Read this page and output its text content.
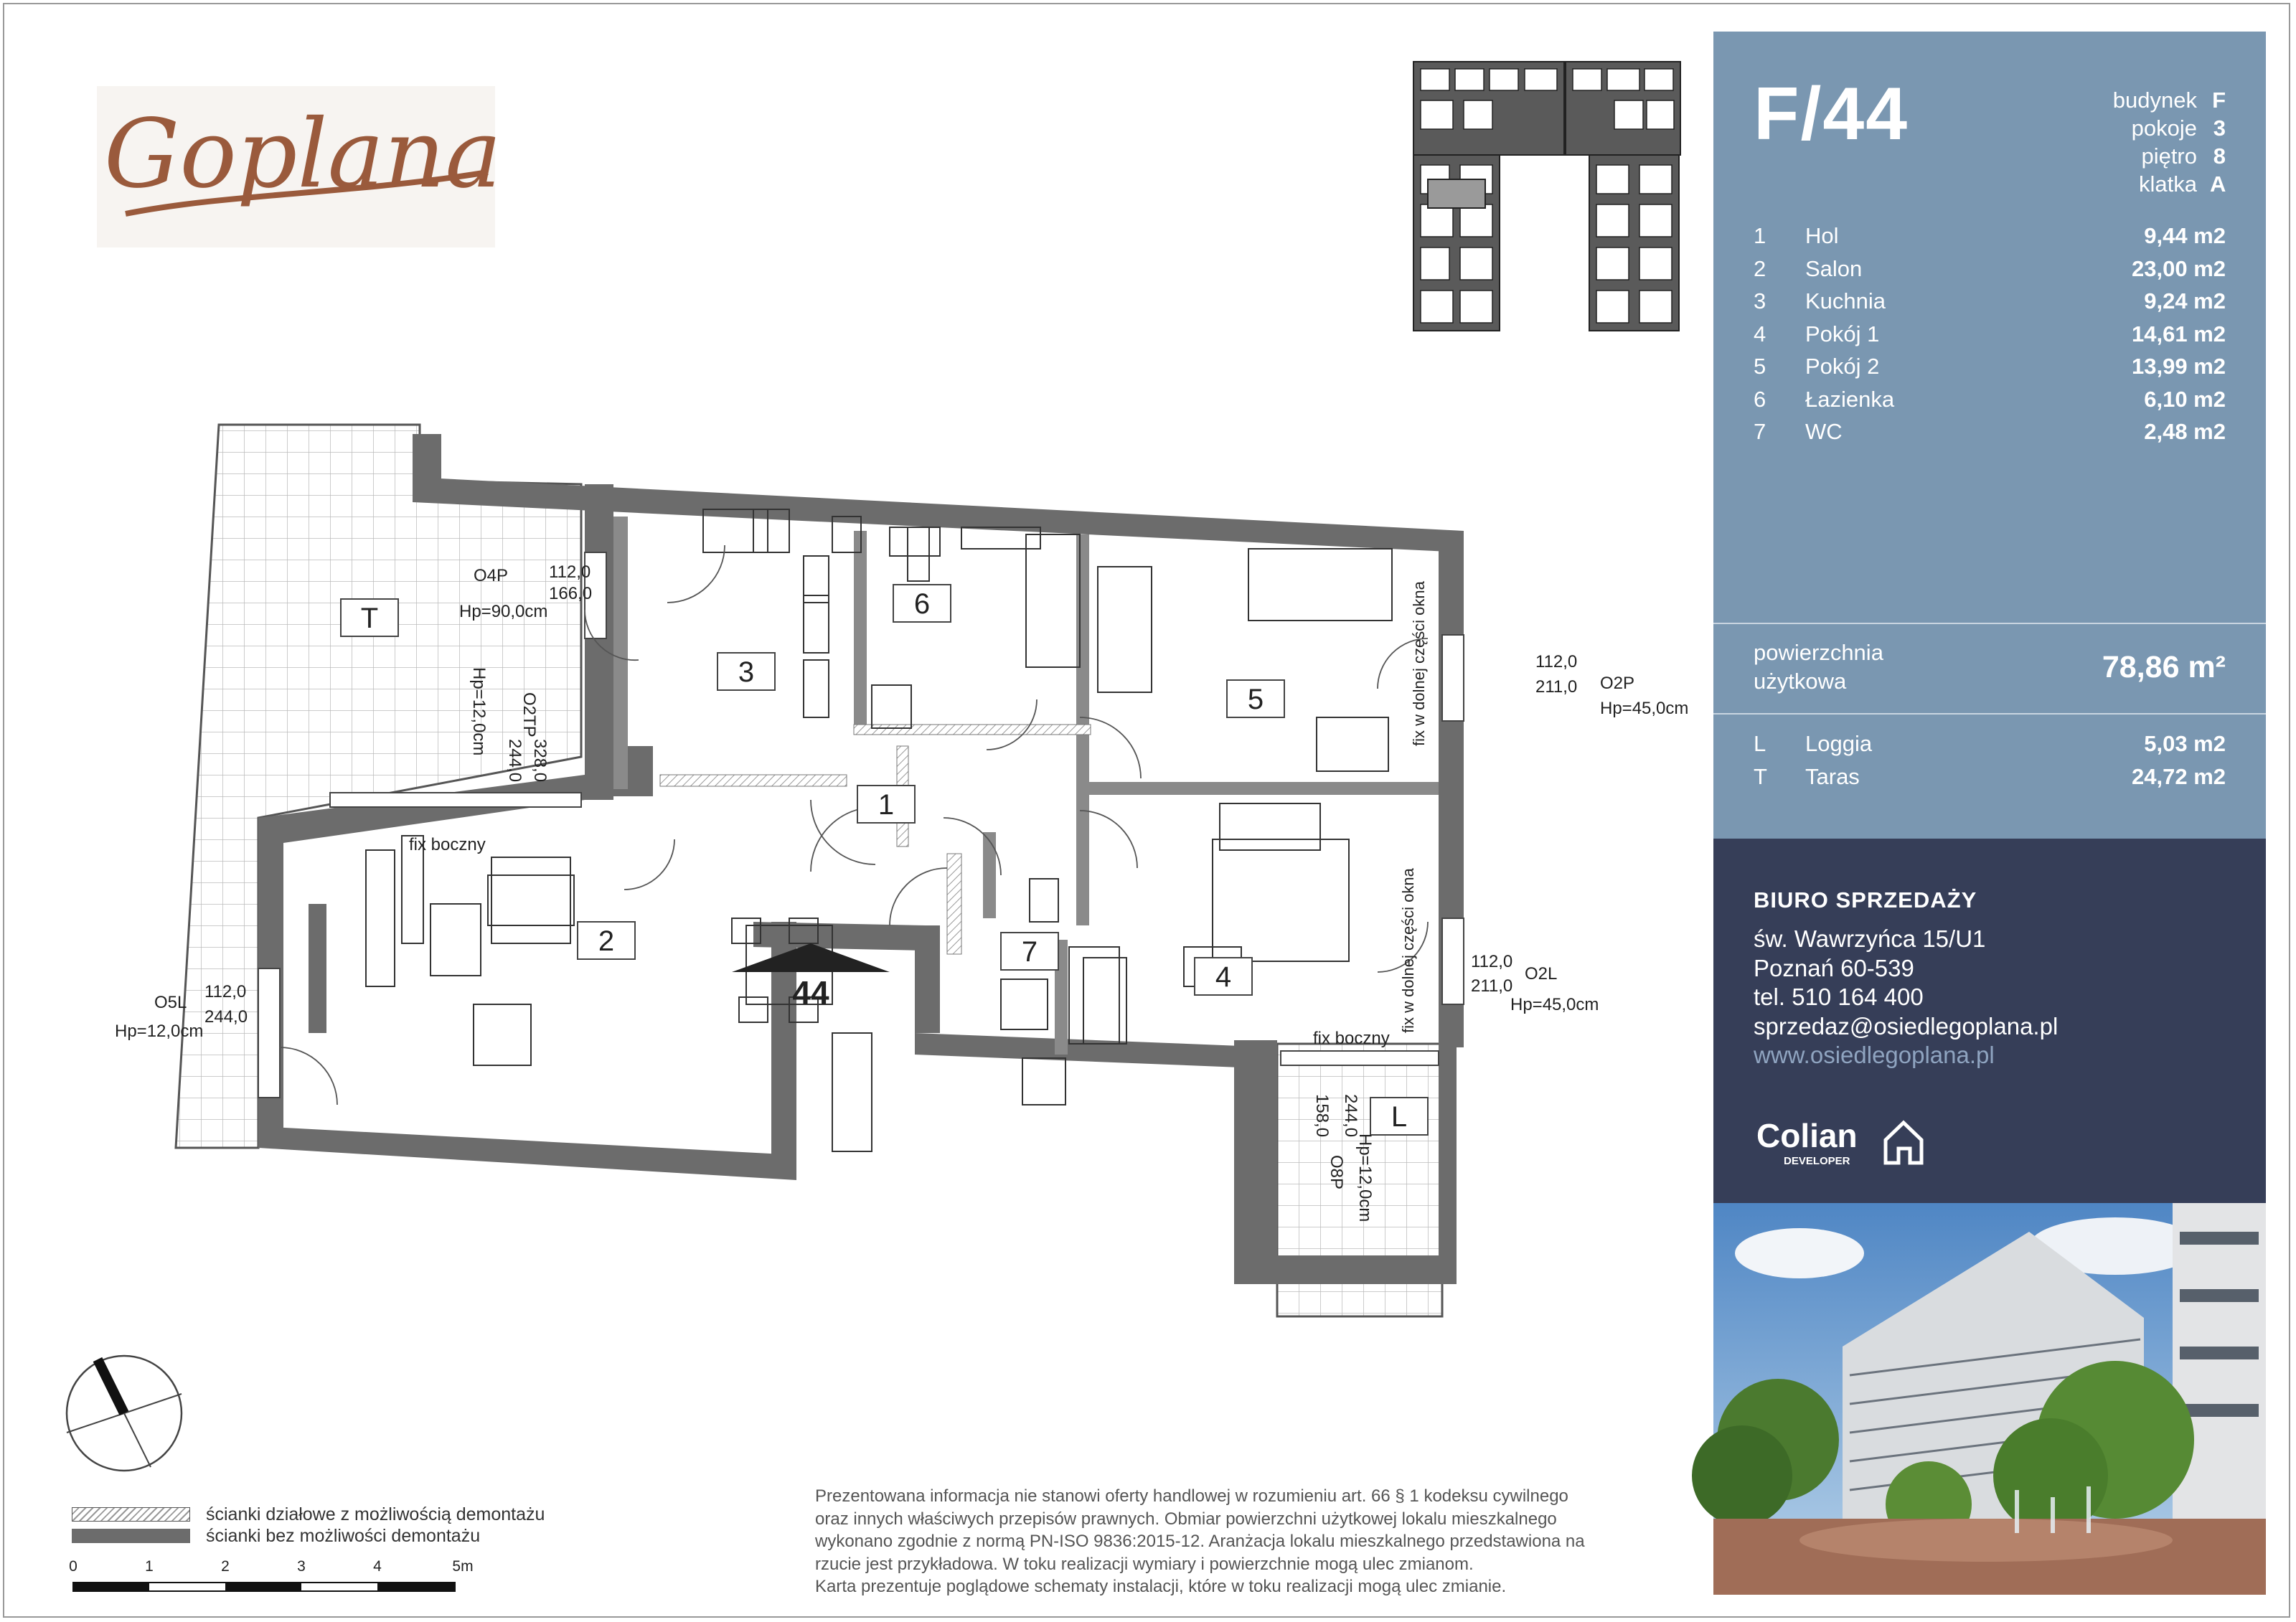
Goplana
3
6
5
1
2	7
4
T
L
44
O4P 112,0
166,0
Hp=90,0cm
O2TP
Hp=12,0cm
328,0
244,0
O5L
112,0
244,0
Hp=12,0cm
112,0
211,0 O2P
Hp=45,0cm
112,0
211,0
O2L
Hp=45,0cm
158,0 244,0
O8P Hp=12,0cm
fix boczny
fix boczny
fix w dolnej części okna
fix w dolnej części okna
F/44	budynek F
pokoje 3
piętro 8
klatka A
1	Hol	9,44 m2
2	Salon	23,00 m2
3	Kuchnia	9,24 m2
4	Pokój 1	14,61 m2
5	Pokój 2	13,99 m2
6	Łazienka	6,10 m2
7	WC	2,48 m2
powierzchnia
użytkowa	78,86 m²
L	Loggia	5,03 m2
T	Taras	24,72 m2
BIURO SPRZEDAŻY
św. Wawrzyńca 15/U1
Poznań 60-539
tel. 510 164 400
sprzedaz@osiedlegoplana.pl
www.osiedlegoplana.pl
Colian
DEVELOPER
ścianki działowe z możliwością demontażu
ścianki bez możliwości demontażu
0	1	2	3	4	5m
Prezentowana informacja nie stanowi oferty handlowej w rozumieniu art. 66 § 1 kodeksu cywilnego
oraz innych właściwych przepisów prawnych. Obmiar powierzchni użytkowej lokalu mieszkalnego
wykonano zgodnie z normą PN-ISO 9836:2015-12. Aranżacja lokalu mieszkalnego przedstawiona na
rzucie jest przykładowa. W toku realizacji wymiary i powierzchnie mogą ulec zmianom.
Karta prezentuje poglądowe schematy instalacji, które w toku realizacji mogą ulec zmianie.
